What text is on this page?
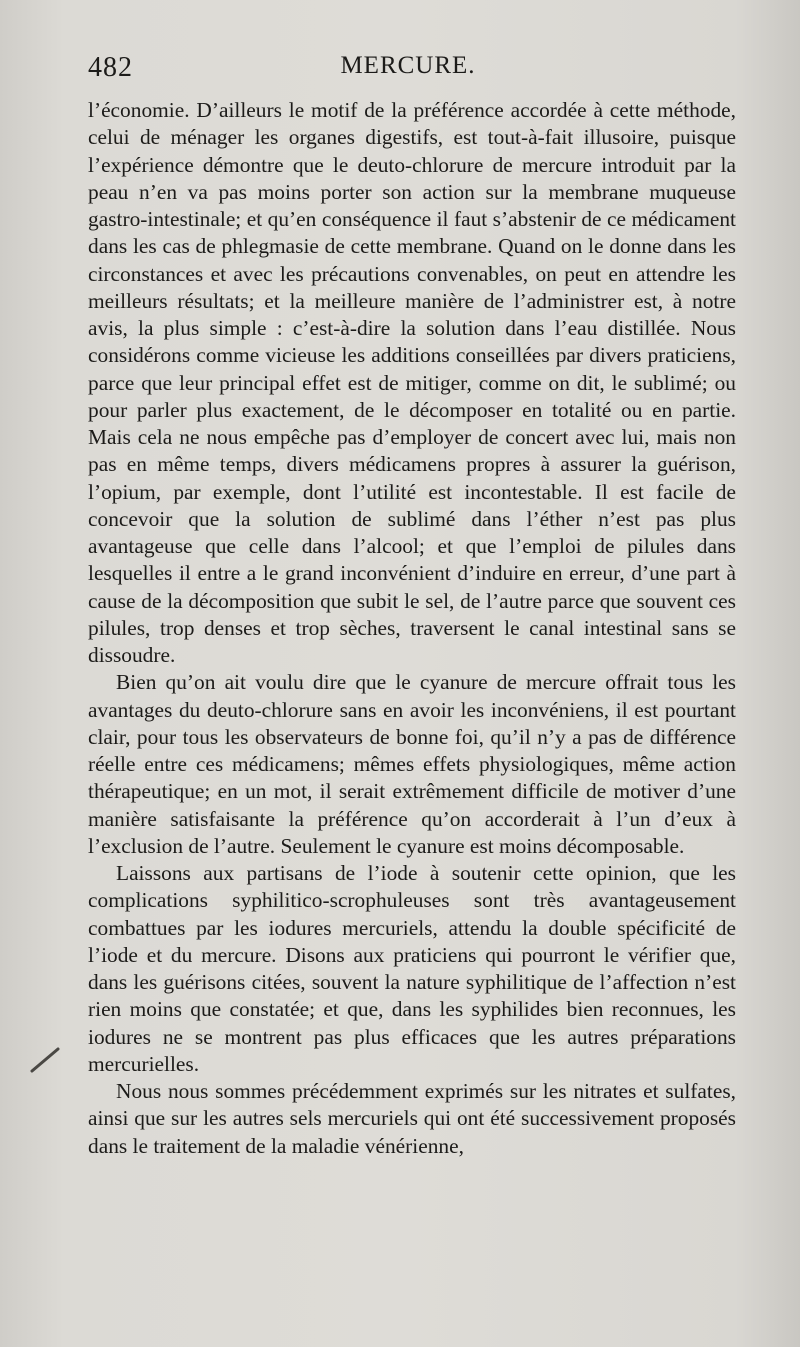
482	MERCURE.

l’économie. D’ailleurs le motif de la préférence accordée à cette méthode, celui de ménager les organes digestifs, est tout-à-fait illusoire, puisque l’expérience démontre que le deuto-chlorure de mercure introduit par la peau n’en va pas moins porter son action sur la membrane muqueuse gastro-intestinale; et qu’en conséquence il faut s’abstenir de ce médicament dans les cas de phlegmasie de cette membrane. Quand on le donne dans les circonstances et avec les précautions convenables, on peut en attendre les meilleurs résultats; et la meilleure manière de l’administrer est, à notre avis, la plus simple : c’est-à-dire la solution dans l’eau distillée. Nous considérons comme vicieuse les additions conseillées par divers praticiens, parce que leur principal effet est de mitiger, comme on dit, le sublimé; ou pour parler plus exactement, de le décomposer en totalité ou en partie. Mais cela ne nous empêche pas d’employer de concert avec lui, mais non pas en même temps, divers médicamens propres à assurer la guérison, l’opium, par exemple, dont l’utilité est incontestable. Il est facile de concevoir que la solution de sublimé dans l’éther n’est pas plus avantageuse que celle dans l’alcool; et que l’emploi de pilules dans lesquelles il entre a le grand inconvénient d’induire en erreur, d’une part à cause de la décomposition que subit le sel, de l’autre parce que souvent ces pilules, trop denses et trop sèches, traversent le canal intestinal sans se dissoudre.

Bien qu’on ait voulu dire que le cyanure de mercure offrait tous les avantages du deuto-chlorure sans en avoir les inconvéniens, il est pourtant clair, pour tous les observateurs de bonne foi, qu’il n’y a pas de différence réelle entre ces médicamens; mêmes effets physiologiques, même action thérapeutique; en un mot, il serait extrêmement difficile de motiver d’une manière satisfaisante la préférence qu’on accorderait à l’un d’eux à l’exclusion de l’autre. Seulement le cyanure est moins décomposable.

Laissons aux partisans de l’iode à soutenir cette opinion, que les complications syphilitico-scrophuleuses sont très avantageusement combattues par les iodures mercuriels, attendu la double spécificité de l’iode et du mercure. Disons aux praticiens qui pourront le vérifier que, dans les guérisons citées, souvent la nature syphilitique de l’affection n’est rien moins que constatée; et que, dans les syphilides bien reconnues, les iodures ne se montrent pas plus efficaces que les autres préparations mercurielles.

Nous nous sommes précédemment exprimés sur les nitrates et sulfates, ainsi que sur les autres sels mercuriels qui ont été successivement proposés dans le traitement de la maladie vénérienne,
